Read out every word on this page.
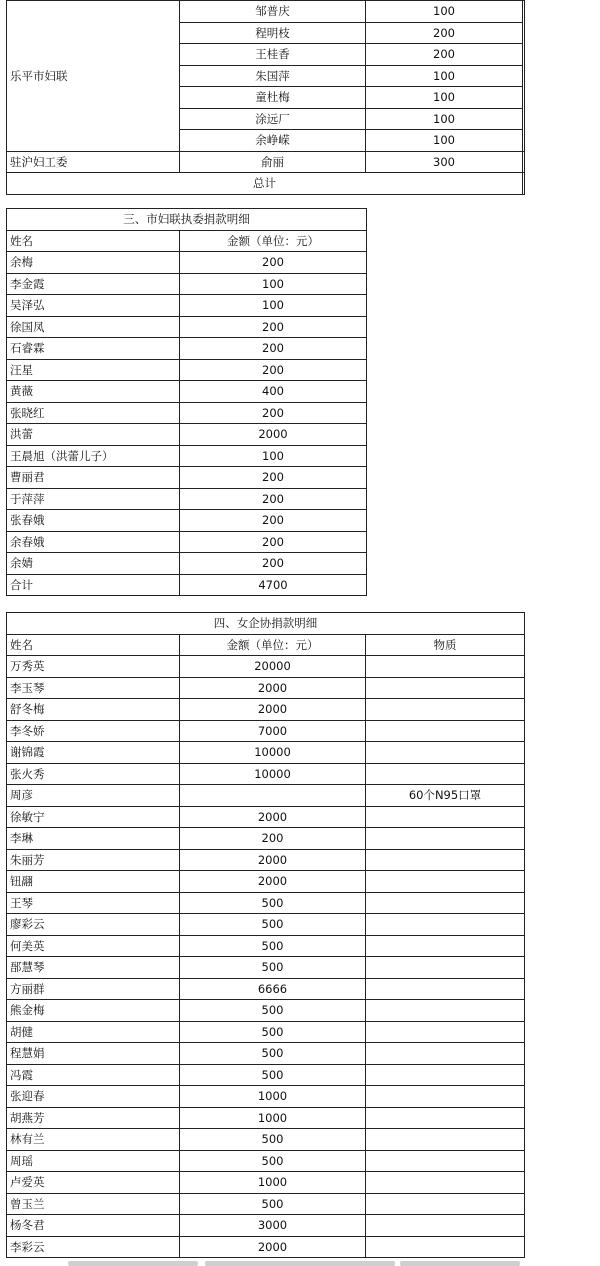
乐平市妇联	邹普庆	100	
	程明枝	200	
	王桂香	200	
	朱国萍	100	
	童杜梅	100	
	涂远厂	100	
	余峥嵘	100	
驻沪妇工委	俞丽	300	
总计	
三、市妇联执委捐款明细	
姓名	金额（单位：元）
余梅	200
李金霞	100
吴泽弘	100
徐国凤	200
石睿霖	200
汪星	200
黄薇	400
张晓红	200
洪蕾	2000
王晨旭（洪蕾儿子）	100
曹丽君	200
于萍萍	200
张春娥	200
余春娥	200
余婧	200
合计	4700
四、女企协捐款明细		
姓名	金额（单位：元）	物质
万秀英	20000	
李玉琴	2000	
舒冬梅	2000	
李冬娇	7000	
谢锦霞	10000	
张火秀	10000	
周彦		60个N95口罩
徐敏宁	2000	
李琳	200	
朱丽芳	2000	
钮翮	2000	
王琴	500	
廖彩云	500	
何美英	500	
郚慧琴	500	
方丽群	6666	
熊金梅	500	
胡健	500	
程慧娟	500	
冯霞	500	
张迎春	1000	
胡燕芳	1000	
林有兰	500	
周瑶	500	
卢爱英	1000	
曾玉兰	500	
杨冬君	3000	
李彩云	2000	
